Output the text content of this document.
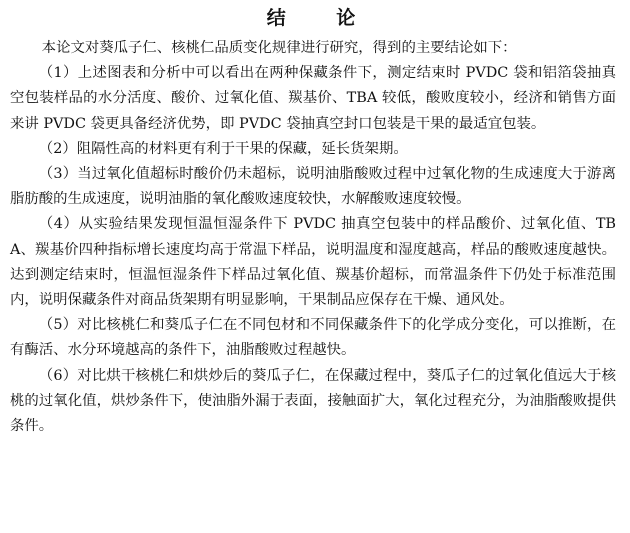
结 论

本论文对葵瓜子仁、核桃仁品质变化规律进行研究，得到的主要结论如下：

（1）上述图表和分析中可以看出在两种保藏条件下，测定结束时 PVDC 袋和铝箔袋抽真空包装样品的水分活度、酸价、过氧化值、羰基价、TBA 较低，酸败度较小，经济和销售方面来讲 PVDC 袋更具备经济优势，即 PVDC 袋抽真空封口包装是干果的最适宜包装。

（2）阻隔性高的材料更有利于干果的保藏，延长货架期。

（3）当过氧化值超标时酸价仍未超标，说明油脂酸败过程中过氧化物的生成速度大于游离脂肪酸的生成速度，说明油脂的氧化酸败速度较快，水解酸败速度较慢。

（4）从实验结果发现恒温恒湿条件下 PVDC 抽真空包装中的样品酸价、过氧化值、TBA、羰基价四种指标增长速度均高于常温下样品，说明温度和湿度越高，样品的酸败速度越快。达到测定结束时，恒温恒湿条件下样品过氧化值、羰基价超标，而常温条件下仍处于标准范围内，说明保藏条件对商品货架期有明显影响，干果制品应保存在干燥、通风处。

（5）对比核桃仁和葵瓜子仁在不同包材和不同保藏条件下的化学成分变化，可以推断，在有酶活、水分环境越高的条件下，油脂酸败过程越快。

（6）对比烘干核桃仁和烘炒后的葵瓜子仁，在保藏过程中，葵瓜子仁的过氧化值远大于核桃的过氧化值，烘炒条件下，使油脂外漏于表面，接触面扩大，氧化过程充分，为油脂酸败提供条件。
